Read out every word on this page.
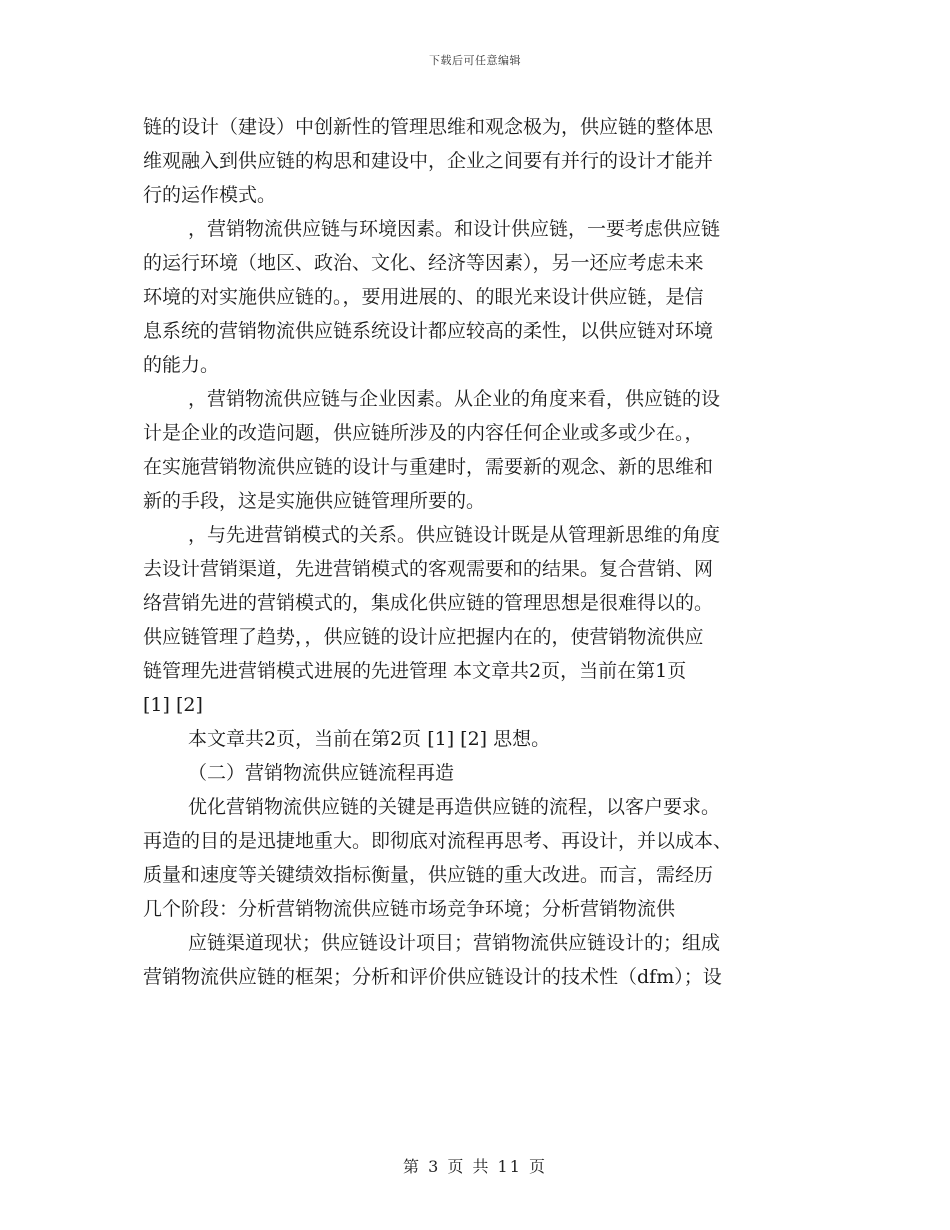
下载后可任意编辑
链的设计（建设）中创新性的管理思维和观念极为，供应链的整体思
维观融入到供应链的构思和建设中，企业之间要有并行的设计才能并
行的运作模式。
，营销物流供应链与环境因素。和设计供应链，一要考虑供应链
的运行环境（地区、政治、文化、经济等因素），另一还应考虑未来
环境的对实施供应链的。，要用进展的、的眼光来设计供应链，是信
息系统的营销物流供应链系统设计都应较高的柔性，以供应链对环境
的能力。
，营销物流供应链与企业因素。从企业的角度来看，供应链的设
计是企业的改造问题，供应链所涉及的内容任何企业或多或少在。，
在实施营销物流供应链的设计与重建时，需要新的观念、新的思维和
新的手段，这是实施供应链管理所要的。
，与先进营销模式的关系。供应链设计既是从管理新思维的角度
去设计营销渠道，先进营销模式的客观需要和的结果。复合营销、网
络营销先进的营销模式的，集成化供应链的管理思想是很难得以的。
供应链管理了趋势，，供应链的设计应把握内在的，使营销物流供应
链管理先进营销模式进展的先进管理 本文章共2页，当前在第1页
[1] [2]
本文章共2页，当前在第2页 [1] [2] 思想。
（二）营销物流供应链流程再造
优化营销物流供应链的关键是再造供应链的流程，以客户要求。
再造的目的是迅捷地重大。即彻底对流程再思考、再设计，并以成本、
质量和速度等关键绩效指标衡量，供应链的重大改进。而言，需经历
几个阶段：分析营销物流供应链市场竞争环境；分析营销物流供
应链渠道现状；供应链设计项目；营销物流供应链设计的；组成
营销物流供应链的框架；分析和评价供应链设计的技术性（dfm）；设
第 3 页 共 11 页
